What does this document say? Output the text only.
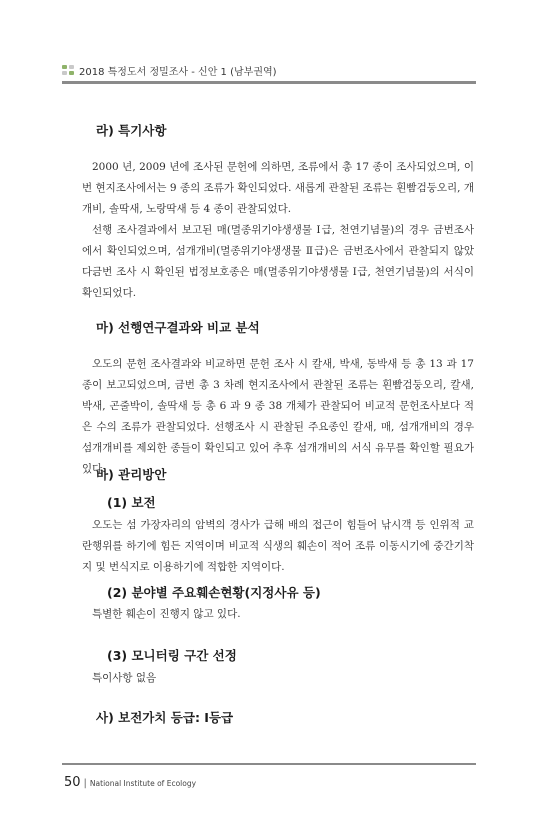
2018 특정도서 정밀조사 - 신안 1 (남부권역)
라) 특기사항
2000 년, 2009 년에 조사된 문헌에 의하면, 조류에서 총 17 종이 조사되었으며, 이번 현지조사에서는 9 종의 조류가 확인되었다. 새롭게 관찰된 조류는 흰빰검둥오리, 개개비, 솔딱새, 노랑딱새 등 4 종이 관찰되었다.
선행 조사결과에서 보고된 매(멸종위기야생생물 Ⅰ급, 천연기념물)의 경우 금번조사에서 확인되었으며, 섬개개비(멸종위기야생생물 Ⅱ급)은 금번조사에서 관찰되지 않았다.
금번 조사 시 확인된 법정보호종은 매(멸종위기야생생물 Ⅰ급, 천연기념물)의 서식이 확인되었다.
마) 선행연구결과와 비교 분석
오도의 문헌 조사결과와 비교하면 문헌 조사 시 칼새, 박새, 동박새 등 총 13 과 17 종이 보고되었으며, 금번 총 3 차례 현지조사에서 관찰된 조류는 흰빰검둥오리, 칼새, 박새, 곤줄박이, 솔딱새 등 총 6 과 9 종 38 개체가 관찰되어 비교적 문헌조사보다 적은 수의 조류가 관찰되었다. 선행조사 시 관찰된 주요종인 칼새, 매, 섬개개비의 경우 섬개개비를 제외한 종들이 확인되고 있어 추후 섬개개비의 서식 유무를 확인할 필요가 있다.
바) 관리방안
(1) 보전
오도는 섬 가장자리의 암벽의 경사가 급해 배의 접근이 힘들어 낚시객 등 인위적 교란행위를 하기에 힘든 지역이며 비교적 식생의 훼손이 적어 조류 이동시기에 중간기착지 및 번식지로 이용하기에 적합한 지역이다.
(2) 분야별 주요훼손현황(지정사유 등)
특별한 훼손이 진행지 않고 있다.
(3) 모니터링 구간 선정
특이사항 없음
사) 보전가치 등급: Ⅰ등급
50 | National Institute of Ecology
